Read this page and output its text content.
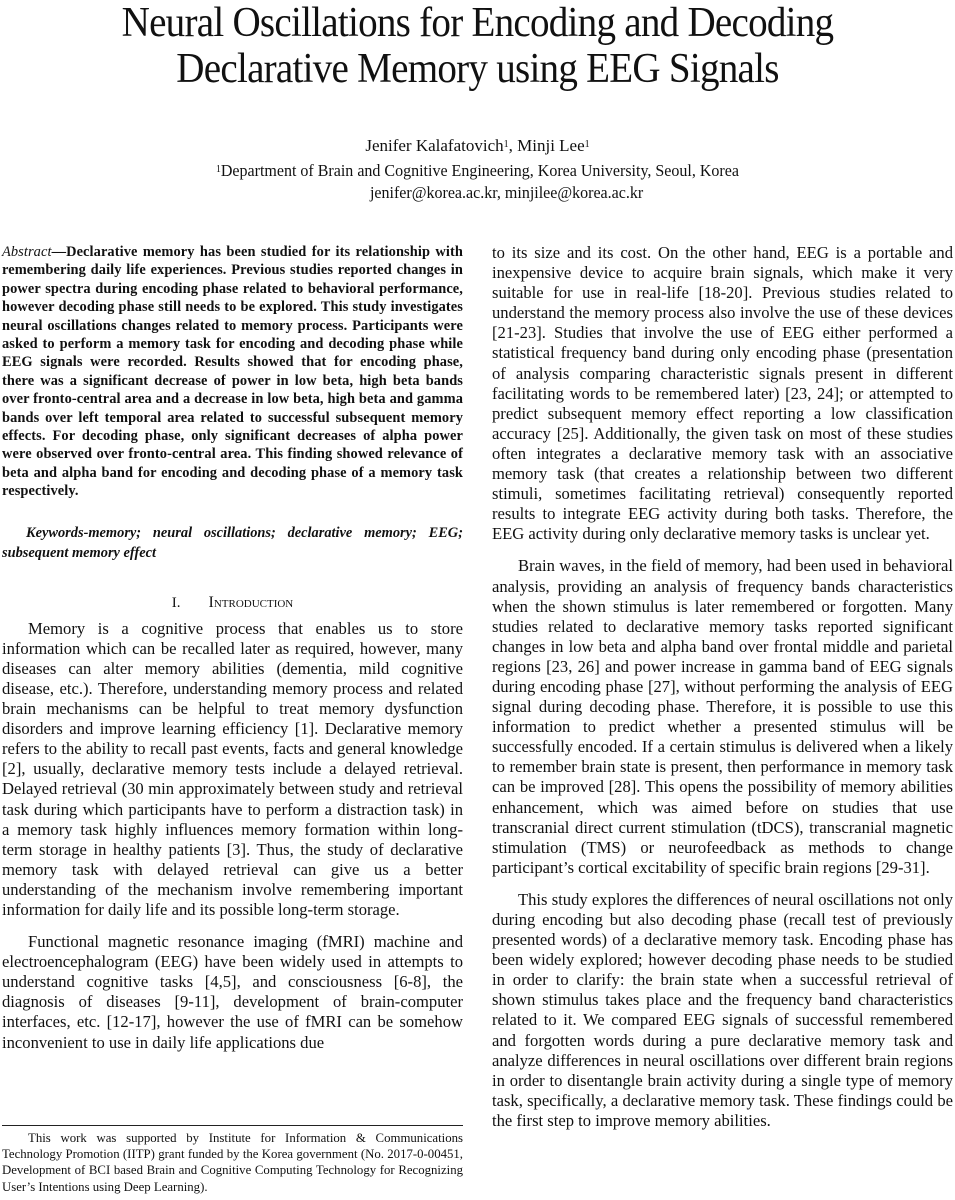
Neural Oscillations for Encoding and Decoding
Declarative Memory using EEG Signals
Jenifer Kalafatovich$^1$, Minji Lee$^1$
$^1$Department of Brain and Cognitive Engineering, Korea University, Seoul, Korea
jenifer@korea.ac.kr, minjilee@korea.ac.kr

Abstract—Declarative memory has been studied for its relationship with remembering daily life experiences. Previous studies reported changes in power spectra during encoding phase related to behavioral performance, however decoding phase still needs to be explored. This study investigates neural oscillations changes related to memory process. Participants were asked to perform a memory task for encoding and decoding phase while EEG signals were recorded. Results showed that for encoding phase, there was a significant decrease of power in low beta, high beta bands over fronto-central area and a decrease in low beta, high beta and gamma bands over left temporal area related to successful subsequent memory effects. For decoding phase, only significant decreases of alpha power were observed over fronto-central area. This finding showed relevance of beta and alpha band for encoding and decoding phase of a memory task respectively.

Keywords-memory; neural oscillations; declarative memory; EEG; subsequent memory effect

I. Introduction

Memory is a cognitive process that enables us to store information which can be recalled later as required, however, many diseases can alter memory abilities (dementia, mild cognitive disease, etc.). Therefore, understanding memory process and related brain mechanisms can be helpful to treat memory dysfunction disorders and improve learning efficiency [1]. Declarative memory refers to the ability to recall past events, facts and general knowledge [2], usually, declarative memory tests include a delayed retrieval. Delayed retrieval (30 min approximately between study and retrieval task during which participants have to perform a distraction task) in a memory task highly influences memory formation within long-term storage in healthy patients [3]. Thus, the study of declarative memory task with delayed retrieval can give us a better understanding of the mechanism involve remembering important information for daily life and its possible long-term storage.

Functional magnetic resonance imaging (fMRI) machine and electroencephalogram (EEG) have been widely used in attempts to understand cognitive tasks [4,5], and consciousness [6-8], the diagnosis of diseases [9-11], development of brain-computer interfaces, etc. [12-17], however the use of fMRI can be somehow inconvenient to use in daily life applications due

This work was supported by Institute for Information & Communications Technology Promotion (IITP) grant funded by the Korea government (No. 2017-0-00451, Development of BCI based Brain and Cognitive Computing Technology for Recognizing User’s Intentions using Deep Learning).

to its size and its cost. On the other hand, EEG is a portable and inexpensive device to acquire brain signals, which make it very suitable for use in real-life [18-20]. Previous studies related to understand the memory process also involve the use of these devices [21-23]. Studies that involve the use of EEG either performed a statistical frequency band during only encoding phase (presentation of analysis comparing characteristic signals present in different facilitating words to be remembered later) [23, 24]; or attempted to predict subsequent memory effect reporting a low classification accuracy [25]. Additionally, the given task on most of these studies often integrates a declarative memory task with an associative memory task (that creates a relationship between two different stimuli, sometimes facilitating retrieval) consequently reported results to integrate EEG activity during both tasks. Therefore, the EEG activity during only declarative memory tasks is unclear yet.

Brain waves, in the field of memory, had been used in behavioral analysis, providing an analysis of frequency bands characteristics when the shown stimulus is later remembered or forgotten. Many studies related to declarative memory tasks reported significant changes in low beta and alpha band over frontal middle and parietal regions [23, 26] and power increase in gamma band of EEG signals during encoding phase [27], without performing the analysis of EEG signal during decoding phase. Therefore, it is possible to use this information to predict whether a presented stimulus will be successfully encoded. If a certain stimulus is delivered when a likely to remember brain state is present, then performance in memory task can be improved [28]. This opens the possibility of memory abilities enhancement, which was aimed before on studies that use transcranial direct current stimulation (tDCS), transcranial magnetic stimulation (TMS) or neurofeedback as methods to change participant’s cortical excitability of specific brain regions [29-31].

This study explores the differences of neural oscillations not only during encoding but also decoding phase (recall test of previously presented words) of a declarative memory task. Encoding phase has been widely explored; however decoding phase needs to be studied in order to clarify: the brain state when a successful retrieval of shown stimulus takes place and the frequency band characteristics related to it. We compared EEG signals of successful remembered and forgotten words during a pure declarative memory task and analyze differences in neural oscillations over different brain regions in order to disentangle brain activity during a single type of memory task, specifically, a declarative memory task. These findings could be the first step to improve memory abilities.
